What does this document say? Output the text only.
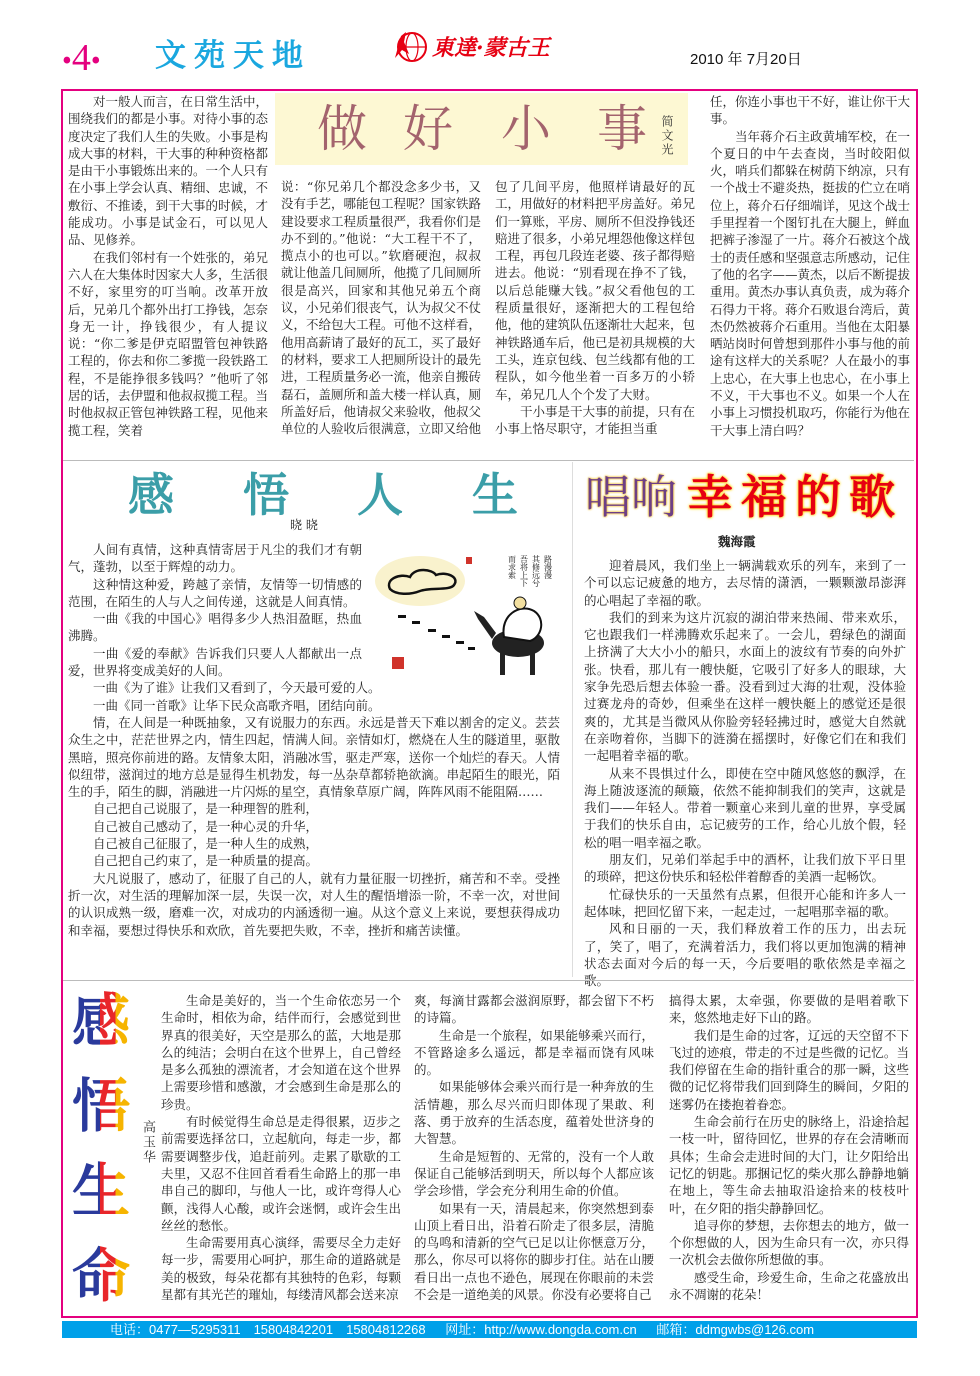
•4• 文苑天地	東達·蒙古王	2010 年 7月20日
做 好 小 事 简文光

对一般人而言，在日常生活中，围绕我们的都是小事。对待小事的态度决定了我们人生的失败。小事是构成大事的材料，干大事的种种资格都是由干小事锻炼出来的。一个人只有在小事上学会认真、精细、忠诚，不敷衍、不推诿，到干大事的时候，才能成功。小事是试金石，可以见人品、见修养。

在我们邻村有一个姓张的，弟兄六人在大集体时因家大人多，生活很不好，家里穷的叮当响。改革开放后，兄弟几个都外出打工挣钱，怎奈身无一计，挣钱很少，有人提议说：“你二爹是伊克昭盟管包神铁路工程的，你去和你二爹揽一段铁路工程，不是能挣很多钱吗？”他听了邻居的话，去伊盟和他叔叔揽工程。当时他叔叔正管包神铁路工程，见他来揽工程，笑着

说：“你兄弟几个都没念多少书，又没有手艺，哪能包工程呢？国家铁路建设要求工程质量很严，我看你们是办不到的。”他说：“大工程干不了，揽点小的也可以。”软磨硬泡，叔叔就让他盖几间厕所，他揽了几间厕所很是高兴，回家和其他兄弟五个商议，小兄弟们很丧气，认为叔父不仗义，不给包大工程。可他不这样看，他用高薪请了最好的瓦工，买了最好的材料，要求工人把厕所设计的最先进，工程质量务必一流，他亲自搬砖磊石，盖厕所和盖大楼一样认真，厕所盖好后，他请叔父来验收，他叔父单位的人验收后很满意，立即又给他

包了几间平房，他照样请最好的瓦工，用做好的材料把平房盖好。弟兄们一算账，平房、厕所不但没挣钱还赔进了很多，小弟兄埋怨他像这样包工程，再包几段连老婆、孩子都得赔进去。他说：“别看现在挣不了钱，以后总能赚大钱。”叔父看他包的工程质量很好，逐渐把大的工程包给他，他的建筑队伍逐渐壮大起来，包神铁路通车后，他已是初具规模的大工头，连京包线、包兰线都有他的工程队，如今他坐着一百多万的小轿车，弟兄几人个个发了大财。

干小事是干大事的前提，只有在小事上恪尽职守，才能担当重

任，你连小事也干不好，谁让你干大事。

当年蒋介石主政黄埔军校，在一个夏日的中午去查岗，当时皎阳似火，哨兵们都躲在树荫下纳凉，只有一个战士不避炎热，挺拔的伫立在哨位上，蒋介石仔细端详，见这个战士手里捏着一个图钉扎在大腿上，鲜血把裤子渗湿了一片。蒋介石被这个战士的责任感和坚强意志所感动，记住了他的名字——黄杰，以后不断提拔重用。黄杰办事认真负责，成为蒋介石得力干将。蒋介石败退台湾后，黄杰仍然被蒋介石重用。当他在太阳暴晒站岗时何曾想到那件小事与他的前途有这样大的关系呢？人在最小的事上忠心，在大事上也忠心，在小事上不义，干大事也不义。如果一个人在小事上习惯投机取巧，你能行为他在干大事上清白吗？

感 悟 人 生
晓 晓
路漫漫
其修远兮
吾将上下
而求索

人间有真情，这种真情寄居于凡尘的我们才有朝气，蓬勃，以至于辉煌的动力。

这种情这种爱，跨越了亲情，友情等一切情感的范围，在陌生的人与人之间传递，这就是人间真情。

一曲《我的中国心》唱得多少人热泪盈眶，热血沸腾。

一曲《爱的奉献》告诉我们只要人人都献出一点爱，世界将变成美好的人间。

一曲《为了谁》让我们又看到了，今天最可爱的人。

一曲《同一首歌》让华下民众高歌齐唱，团结向前。

情，在人间是一种既抽象，又有说服力的东西。永远是普天下难以割舍的定义。芸芸众生之中，茫茫世界之内，情生四起，情满人间。亲情如灯，燃烧在人生的隧道里，驱散黑暗，照亮你前进的路。友情象太阳，消融冰雪，驱走严寒，送你一个灿烂的春天。人情似纽带，滋润过的地方总是显得生机勃发，每一丛杂草都轿艳欲滴。串起陌生的眼光，陌生的手，陌生的脚，消融进一片闪烁的星空，真情象草原广阔，阵阵风雨不能阻隔……

自己把自己说服了，是一种理智的胜利，

自己被自己感动了，是一种心灵的升华，

自己被自己征服了，是一种人生的成熟，

自己把自己约束了，是一种质量的提高。

大凡说服了，感动了，征服了自己的人，就有力量征服一切挫折，痛苦和不幸。受挫折一次，对生活的理解加深一层，失误一次，对人生的醒悟增添一阶，不幸一次，对世间的认识成熟一级，磨难一次，对成功的内涵透彻一遍。从这个意义上来说，要想获得成功和幸福，要想过得快乐和欢欣，首先要把失败，不幸，挫折和痛苦读懂。

唱响 幸福的歌
魏海霞

迎着晨风，我们坐上一辆满载欢乐的列车，来到了一个可以忘记疲惫的地方，去尽情的潇洒，一颗颗激昂澎湃的心唱起了幸福的歌。

我们的到来为这片沉寂的湖泊带来热闹、带来欢乐，它也跟我们一样沸腾欢乐起来了。一会儿，碧绿色的湖面上挤满了大大小小的船只，水面上的波纹有节奏的向外扩张。快看，那儿有一艘快艇，它吸引了好多人的眼球，大家争先恐后想去体验一番。没看到过大海的壮观，没体验过赛龙舟的奇妙，但乘坐在这样一艘快艇上的感觉还是很爽的，尤其是当微风从你脸旁轻轻拂过时，感觉大自然就在亲吻着你，当脚下的涟漪在摇摆时，好像它们在和我们一起唱着幸福的歌。

从来不畏惧过什么，即使在空中随风悠悠的飘浮，在海上随波逐流的颠簸，依然不能抑制我们的笑声，这就是我们——年轻人。带着一颗童心来到儿童的世界，享受属于我们的快乐自由，忘记疲劳的工作，给心儿放个假，轻松的唱一唱幸福之歌。

朋友们，兄弟们举起手中的酒杯，让我们放下平日里的琐碎，把这份快乐和轻松伴着醇香的美酒一起畅饮。

忙碌快乐的一天虽然有点累，但很开心能和许多人一起体味，把回忆留下来，一起走过，一起唱那幸福的歌。

风和日丽的一天，我们释放着工作的压力，出去玩了，笑了，唱了，充满着活力，我们将以更加饱满的精神状态去面对今后的每一天，今后要唱的歌依然是幸福之歌。

感
悟
生
命
高玉华

生命是美好的，当一个生命依恋另一个生命时，相依为命，结伴而行，会感觉到世界真的很美好，天空是那么的蓝，大地是那么的纯洁；会明白在这个世界上，自己曾经是多么孤独的漂流者，才会知道在这个世界上需要珍惜和感激，才会感到生命是那么的珍贵。

有时候觉得生命总是走得很累，迈步之前需要选择岔口，立起航向，每走一步，都需要调整步伐，追赶前列。走累了歇歇的工夫里，又忍不住回首看看生命路上的那一串串自己的脚印，与他人一比，或许弯得人心颤，浅得人心酸，或许会迷惘，或许会生出丝丝的愁怅。

生命需要用真心演绎，需要尽全力走好每一步，需要用心呵护，那生命的道路就是美的极致，每朵花都有其独特的色彩，每颗星都有其光芒的璀灿，每缕清风都会送来凉

爽，每滴甘露都会滋润原野，都会留下不朽的诗篇。

生命是一个旅程，如果能够乘兴而行，不管路途多么遥远，都是幸福而饶有风味的。

如果能够体会乘兴而行是一种奔放的生活情趣，那么尽兴而归即体现了果敢、利落、勇于放弃的生活态度，蕴着处世济身的大智慧。

生命是短暂的、无常的，没有一个人敢保证自己能够活到明天，所以每个人都应该学会珍惜，学会充分利用生命的价值。

如果有一天，清晨起来，你突然想到泰山顶上看日出，沿着石阶走了很多层，清脆的鸟鸣和清新的空气已足以让你惬意万分，那么，你尽可以将你的脚步打住。站在山腰看日出一点也不逊色，展现在你眼前的未尝不会是一道绝美的风景。你没有必要将自己

搞得太累，太牵强，你要做的是唱着歌下来，悠然地走好下山的路。

我们是生命的过客，辽远的天空留不下飞过的迹痕，带走的不过是些微的记忆。当我们停留在生命的指针重合的那一瞬，这些微的记忆将带我们回到降生的瞬间，夕阳的迷雾仍在搂抱着眷恋。

生命会前行在历史的脉络上，沿途拾起一枝一叶，留待回忆，世界的存在会清晰而具体；生命会走进时间的大门，让夕阳给出记忆的钥匙。那捆记忆的柴火那么静静地躺在地上，等生命去抽取沿途拾来的枝枝叶叶，在夕阳的指尖静静回忆。

追寻你的梦想，去你想去的地方，做一个你想做的人，因为生命只有一次，亦只得一次机会去做你所想做的事。

感受生命，珍爱生命，生命之花盛放出永不凋谢的花朵！

电话：0477—5295311　15804842201　15804812268 网址：http://www.dongda.com.cn 邮箱：ddmgwbs@126.com
